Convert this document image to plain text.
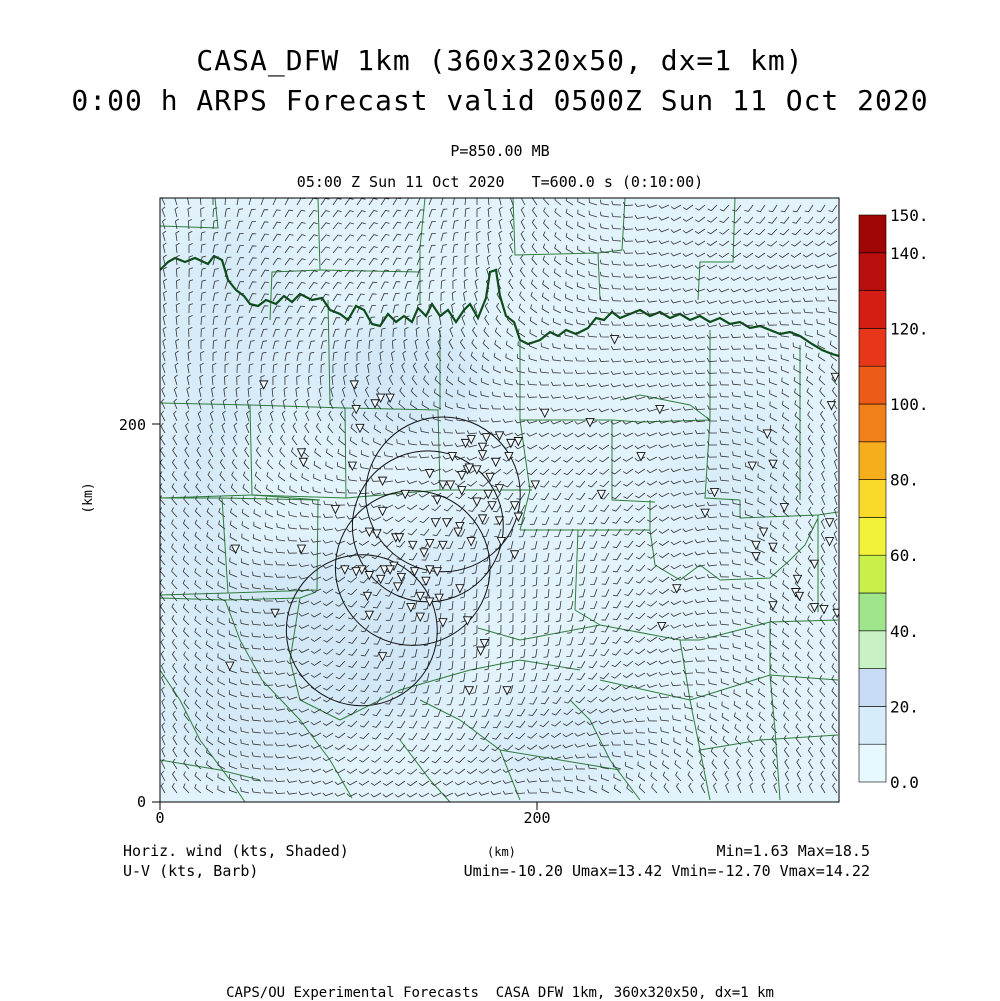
CASA_DFW 1km (360x320x50, dx=1 km)
0:00 h ARPS Forecast valid 0500Z Sun 11 Oct 2020
P=850.00 MB
05:00 Z Sun 11 Oct 2020   T=600.0 s (0:10:00)
200
0
0	200
(km)
150.
140.
120.
100.
80.
60.
40.
20.
0.0
Horiz. wind (kts, Shaded)
U-V (kts, Barb)
(km)	Min=1.63 Max=18.5
Umin=-10.20 Umax=13.42 Vmin=-12.70 Vmax=14.22
CAPS/OU Experimental Forecasts  CASA DFW 1km, 360x320x50, dx=1 km
